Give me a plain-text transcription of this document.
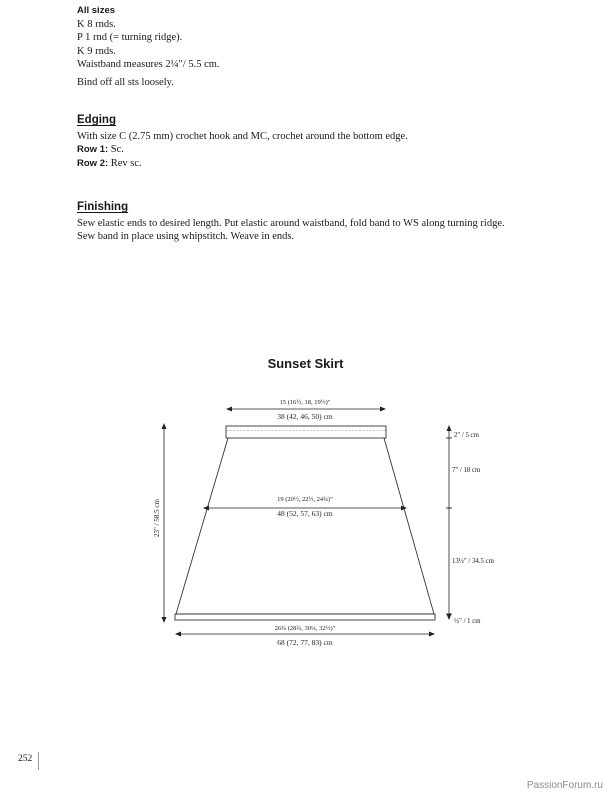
All sizes
K 8 rnds.
P 1 rnd (= turning ridge).
K 9 rnds.
Waistband measures 2¼"/ 5.5 cm.
Bind off all sts loosely.
Edging
With size C (2.75 mm) crochet hook and MC, crochet around the bottom edge.
Row 1: Sc.
Row 2: Rev sc.
Finishing
Sew elastic ends to desired length. Put elastic around waistband, fold band to WS along turning ridge.
Sew band in place using whipstitch. Weave in ends.
Sunset Skirt
15 (16½, 18, 19½)"
38 (42, 46, 50) cm
19 (20½, 22½, 24¾)"
48 (52, 57, 63) cm
26¾ (28¾, 30¼, 32½)"
68 (72, 77, 83) cm
23" / 58.5 cm
2" / 5 cm
7" / 18 cm
13½" / 34.5 cm
½" / 1 cm
252
PassionForum.ru
